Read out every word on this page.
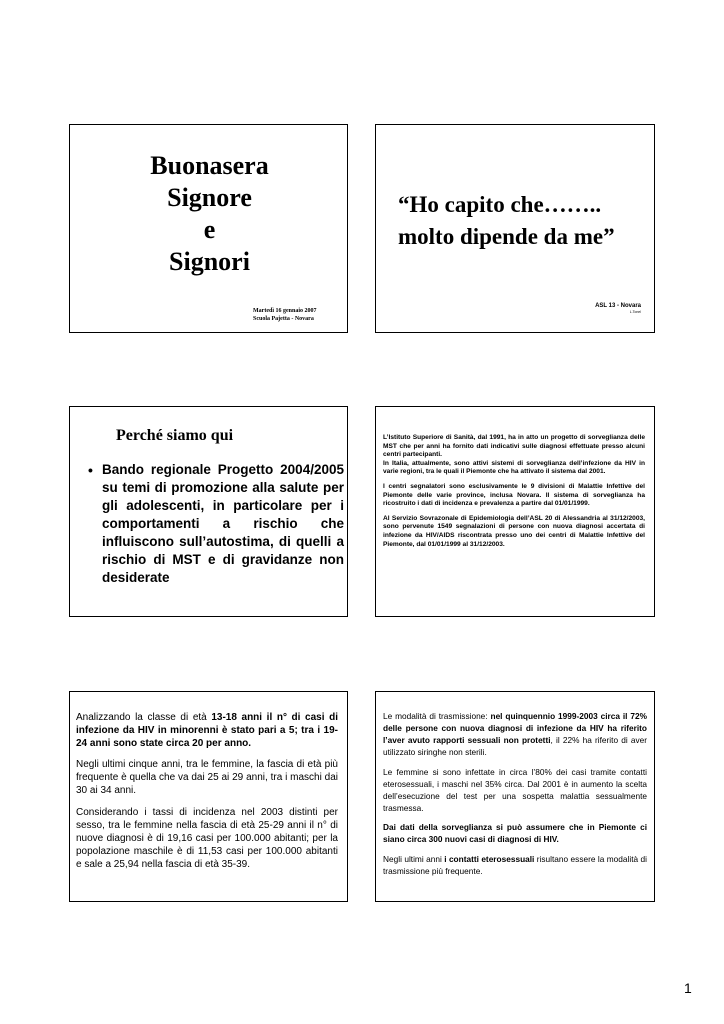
Buonasera
Signore
e
Signori
Martedì 16 gennaio 2007
Scuola Pajetta - Novara
“Ho capito che……..
molto dipende da me”
ASL 13 - Novara
L.Tonel
Perché siamo qui
• Bando regionale Progetto 2004/2005 su temi di promozione alla salute per gli adolescenti, in particolare per i comportamenti a rischio che influiscono sull’autostima, di quelli a rischio di MST e di gravidanze non desiderate

L’Istituto Superiore di Sanità, dal 1991, ha in atto un progetto di sorveglianza delle MST che per anni ha fornito dati indicativi sulle diagnosi effettuate presso alcuni centri partecipanti.
In Italia, attualmente, sono attivi sistemi di sorveglianza dell’infezione da HIV in varie regioni, tra le quali il Piemonte che ha attivato il sistema dal 2001.

I centri segnalatori sono esclusivamente le 9 divisioni di Malattie Infettive del Piemonte delle varie province, inclusa Novara. Il sistema di sorveglianza ha ricostruito i dati di incidenza e prevalenza a partire dal 01/01/1999.

Al Servizio Sovrazonale di Epidemiologia dell’ASL 20 di Alessandria al 31/12/2003, sono pervenute 1549 segnalazioni di persone con nuova diagnosi accertata di infezione da HIV/AIDS riscontrata presso uno dei centri di Malattie Infettive del Piemonte, dal 01/01/1999 al 31/12/2003.

Analizzando la classe di età 13-18 anni il n° di casi di infezione da HIV in minorenni è stato pari a 5; tra i 19-24 anni sono state circa 20 per anno.

Negli ultimi cinque anni, tra le femmine, la fascia di età più frequente è quella che va dai 25 ai 29 anni, tra i maschi dai 30 ai 34 anni.

Considerando i tassi di incidenza nel 2003 distinti per sesso, tra le femmine nella fascia di età 25-29 anni il n° di nuove diagnosi è di 19,16 casi per 100.000 abitanti; per la popolazione maschile è di 11,53 casi per 100.000 abitanti e sale a 25,94 nella fascia di età 35-39.

Le modalità di trasmissione: nel quinquennio 1999-2003 circa il 72% delle persone con nuova diagnosi di infezione da HIV ha riferito l’aver avuto rapporti sessuali non protetti, il 22% ha riferito di aver utilizzato siringhe non sterili.

Le femmine si sono infettate in circa l’80% dei casi tramite contatti eterosessuali, i maschi nel 35% circa. Dal 2001 è in aumento la scelta dell’esecuzione del test per una sospetta malattia sessualmente trasmessa.

Dai dati della sorveglianza si può assumere che in Piemonte ci siano circa 300 nuovi casi di diagnosi di HIV.

Negli ultimi anni i contatti eterosessuali risultano essere la modalità di trasmissione più frequente.

1
